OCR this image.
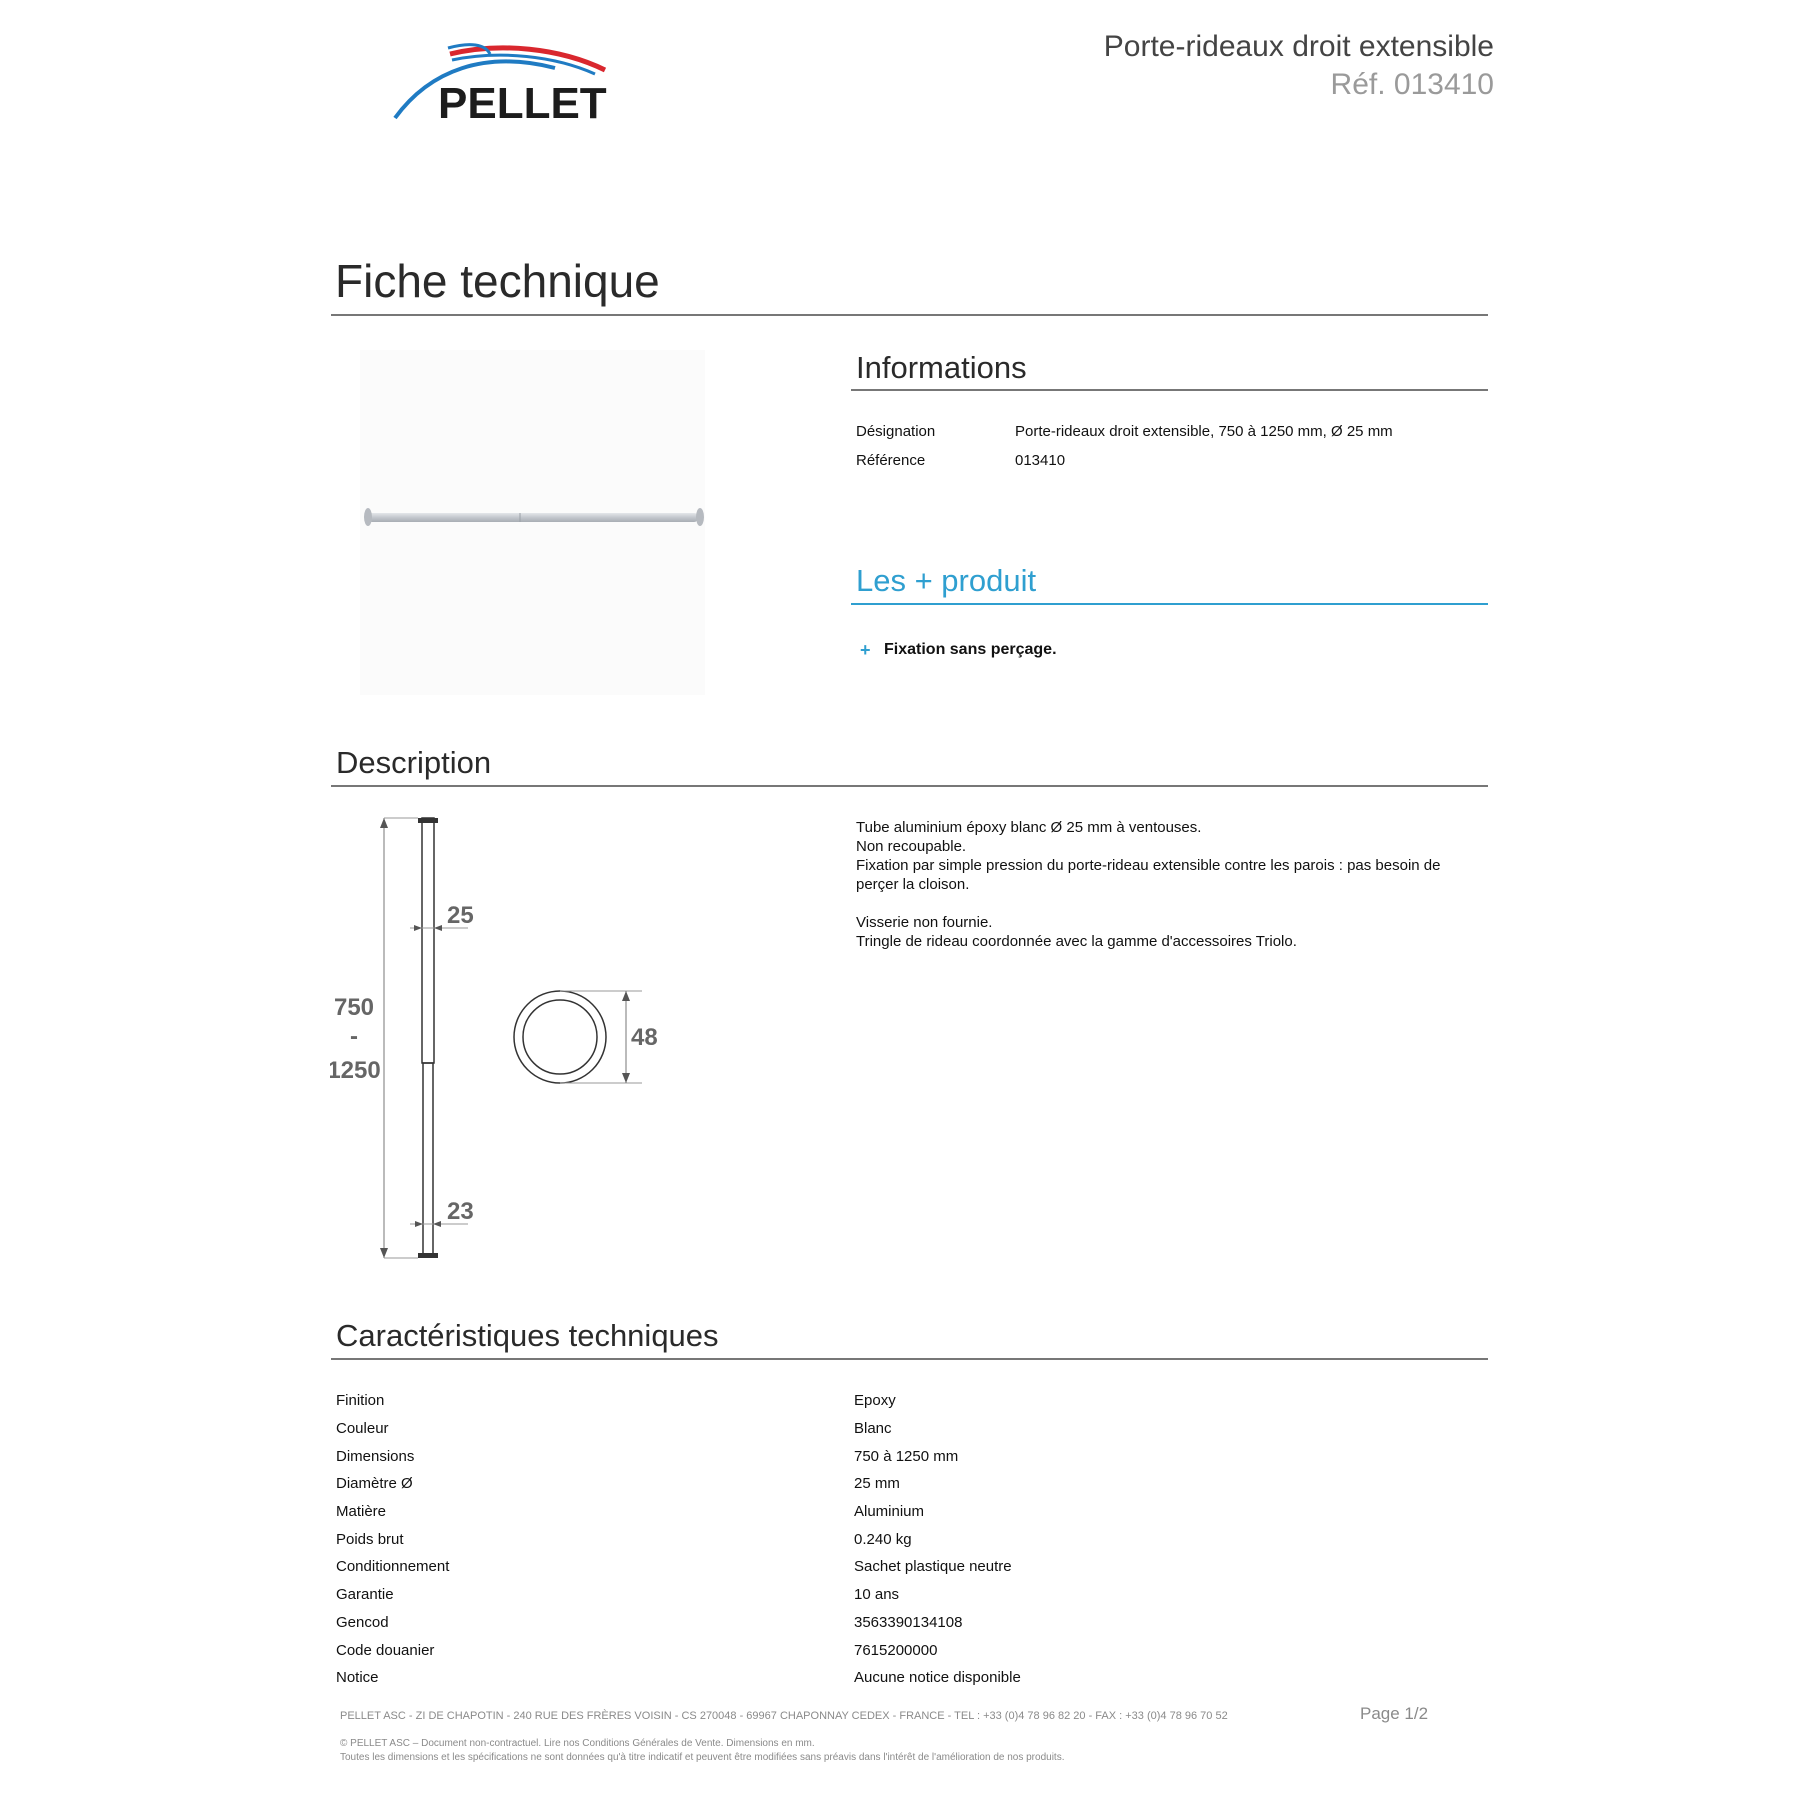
PELLET
Porte-rideaux droit extensible
Réf. 013410
Fiche technique
Informations
Désignation	Porte-rideaux droit extensible, 750 à 1250 mm, Ø 25 mm
Référence	013410
Les + produit
+ Fixation sans perçage.
Description
25
23
750
-
1250
48

Tube aluminium époxy blanc Ø 25 mm à ventouses.

Non recoupable.

Fixation par simple pression du porte-rideau extensible contre les parois : pas besoin de perçer la cloison.

Visserie non fournie.

Tringle de rideau coordonnée avec la gamme d'accessoires Triolo.

Caractéristiques techniques
Finition	Epoxy
Couleur	Blanc
Dimensions	750 à 1250 mm
Diamètre Ø	25 mm
Matière	Aluminium
Poids brut	0.240 kg
Conditionnement	Sachet plastique neutre
Garantie	10 ans
Gencod	3563390134108
Code douanier	7615200000
Notice	Aucune notice disponible
PELLET ASC - ZI DE CHAPOTIN - 240 RUE DES FRÈRES VOISIN - CS 270048 - 69967 CHAPONNAY CEDEX - FRANCE - TEL : +33 (0)4 78 96 82 20 - FAX : +33 (0)4 78 96 70 52	Page 1/2
© PELLET ASC – Document non-contractuel. Lire nos Conditions Générales de Vente. Dimensions en mm.
Toutes les dimensions et les spécifications ne sont données qu'à titre indicatif et peuvent être modifiées sans préavis dans l'intérêt de l'amélioration de nos produits.
